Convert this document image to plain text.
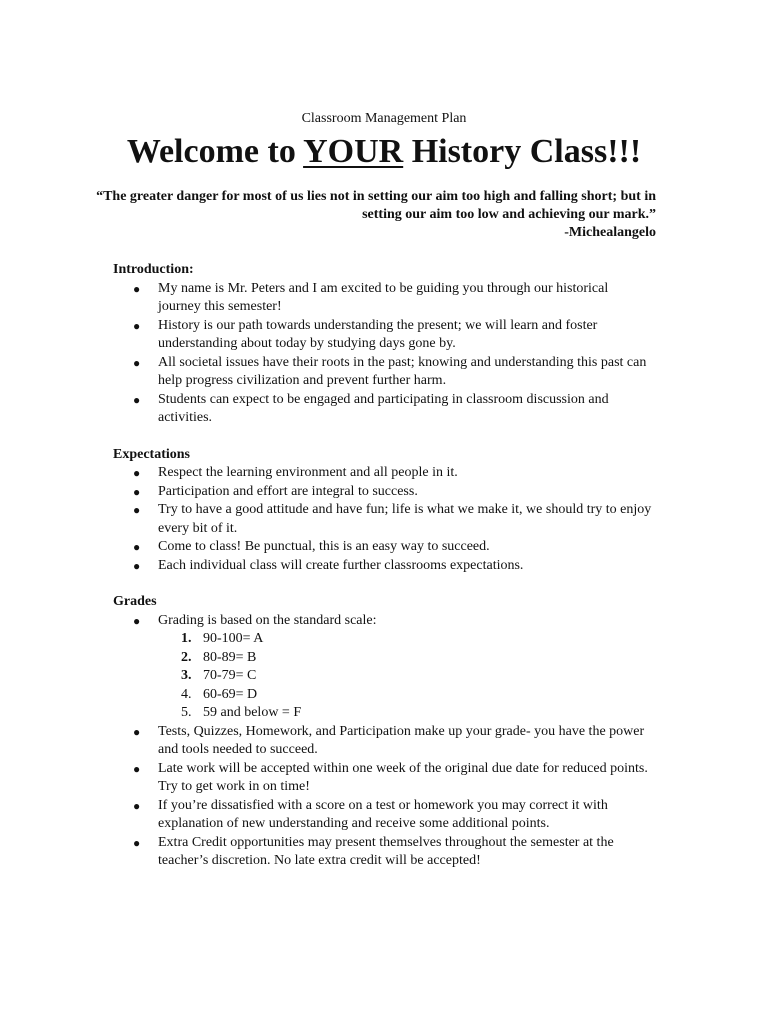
Classroom Management Plan
Welcome to YOUR History Class!!!
“The greater danger for most of us lies not in setting our aim too high and falling short; but in setting our aim too low and achieving our mark.”
-Michealangelo

Introduction:

● My name is Mr. Peters and I am excited to be guiding you through our historical journey this semester!
● History is our path towards understanding the present; we will learn and foster understanding about today by studying days gone by.
● All societal issues have their roots in the past; knowing and understanding this past can help progress civilization and prevent further harm.
● Students can expect to be engaged and participating in classroom discussion and activities.

Expectations

● Respect the learning environment and all people in it.
● Participation and effort are integral to success.
● Try to have a good attitude and have fun; life is what we make it, we should try to enjoy every bit of it.
● Come to class! Be punctual, this is an easy way to succeed.
● Each individual class will create further classrooms expectations.

Grades

● Grading is based on the standard scale:
1. 90-100= A
2. 80-89= B
3. 70-79= C
4. 60-69= D
5. 59 and below = F
● Tests, Quizzes, Homework, and Participation make up your grade- you have the power and tools needed to succeed.
● Late work will be accepted within one week of the original due date for reduced points. Try to get work in on time!
● If you’re dissatisfied with a score on a test or homework you may correct it with explanation of new understanding and receive some additional points.
● Extra Credit opportunities may present themselves throughout the semester at the teacher’s discretion. No late extra credit will be accepted!
